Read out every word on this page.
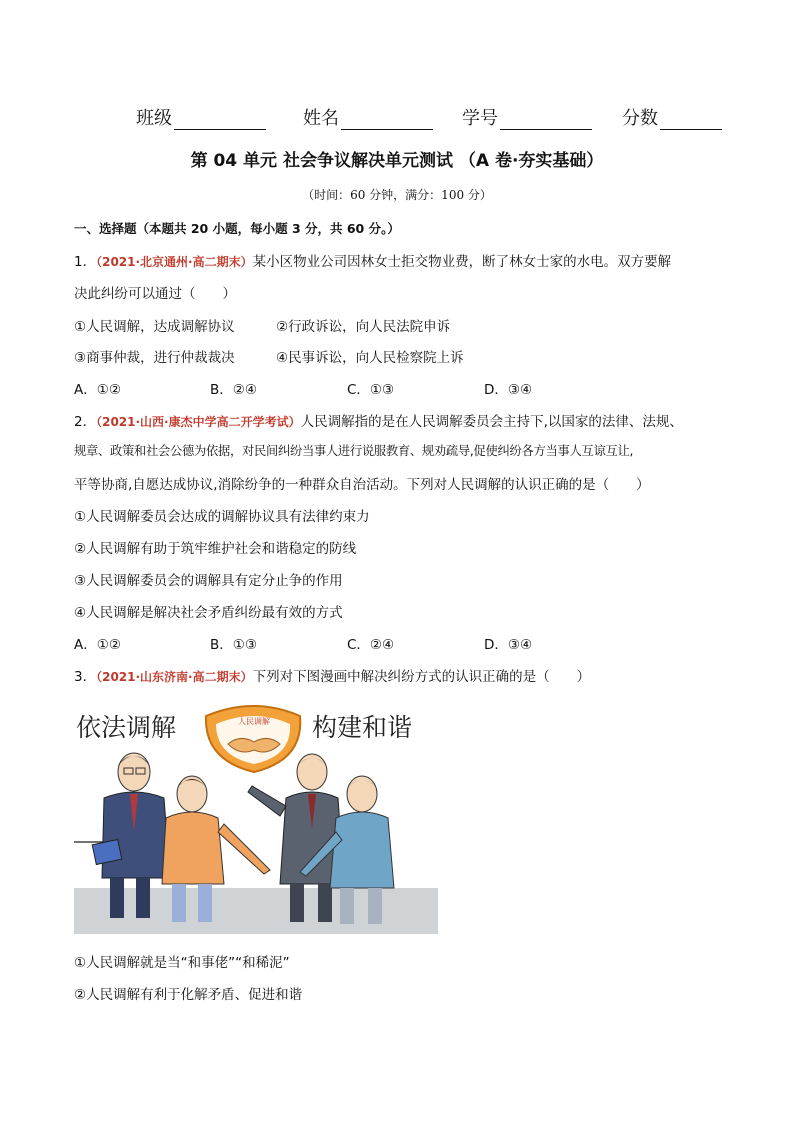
班级	姓名	学号	分数
第 04 单元 社会争议解决单元测试 （A 卷·夯实基础）
（时间：60 分钟，满分：100 分）
一、选择题（本题共 20 小题，每小题 3 分，共 60 分。）
1．（2021·北京通州·高二期末）某小区物业公司因林女士拒交物业费，断了林女士家的水电。双方要解
决此纠纷可以通过（　　）
①人民调解，达成调解协议	②行政诉讼，向人民法院申诉
③商事仲裁，进行仲裁裁决	④民事诉讼，向人民检察院上诉
A．①②	B．②④	C．①③	D．③④
2．（2021·山西·康杰中学高二开学考试）人民调解指的是在人民调解委员会主持下,以国家的法律、法规、
规章、政策和社会公德为依据，对民间纠纷当事人进行说服教育、规劝疏导,促使纠纷各方当事人互谅互让,
平等协商,自愿达成协议,消除纷争的一种群众自治活动。下列对人民调解的认识正确的是（　　）
①人民调解委员会达成的调解协议具有法律约束力
②人民调解有助于筑牢维护社会和谐稳定的防线
③人民调解委员会的调解具有定分止争的作用
④人民调解是解决社会矛盾纠纷最有效的方式
A．①②	B．①③	C．②④	D．③④
3．（2021·山东济南·高二期末）下列对下图漫画中解决纠纷方式的认识正确的是（　　）
依法调解	构建和谐
人民调解
①人民调解就是当“和事佬”“和稀泥”
②人民调解有利于化解矛盾、促进和谐
